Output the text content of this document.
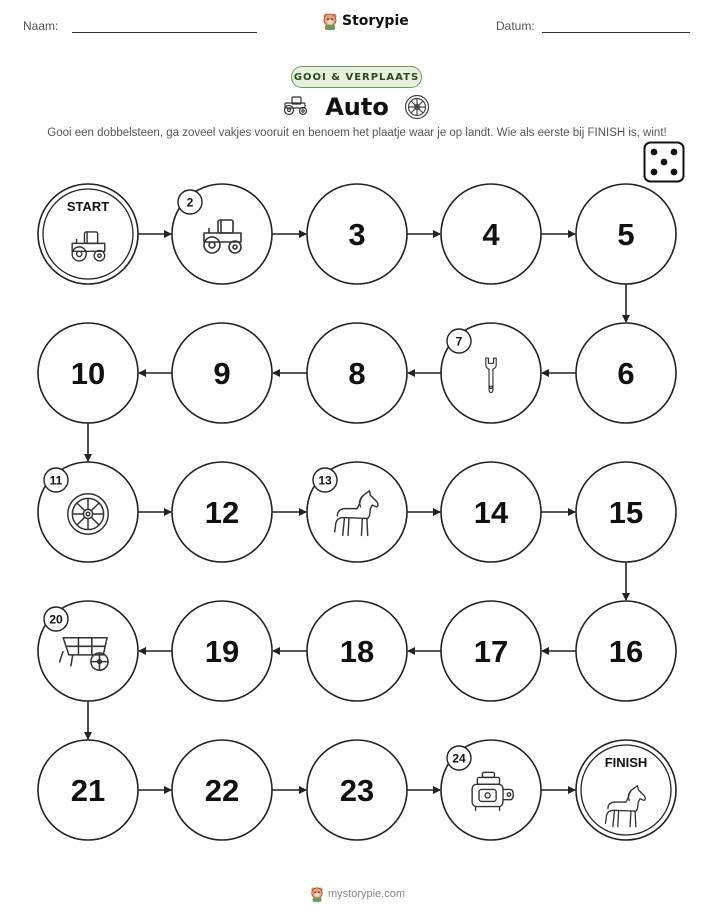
Naam:	Storypie	Datum:
GOOI & VERPLAATS
Auto
Gooi een dobbelsteen, ga zoveel vakjes vooruit en benoem het plaatje waar je op landt. Wie als eerste bij FINISH is, wint!
START	2
3	4	5
6
7
8
9
10
11
12
13
14	15
16
17
18
19
20
21	22	23
24	FINISH
mystorypie.com
